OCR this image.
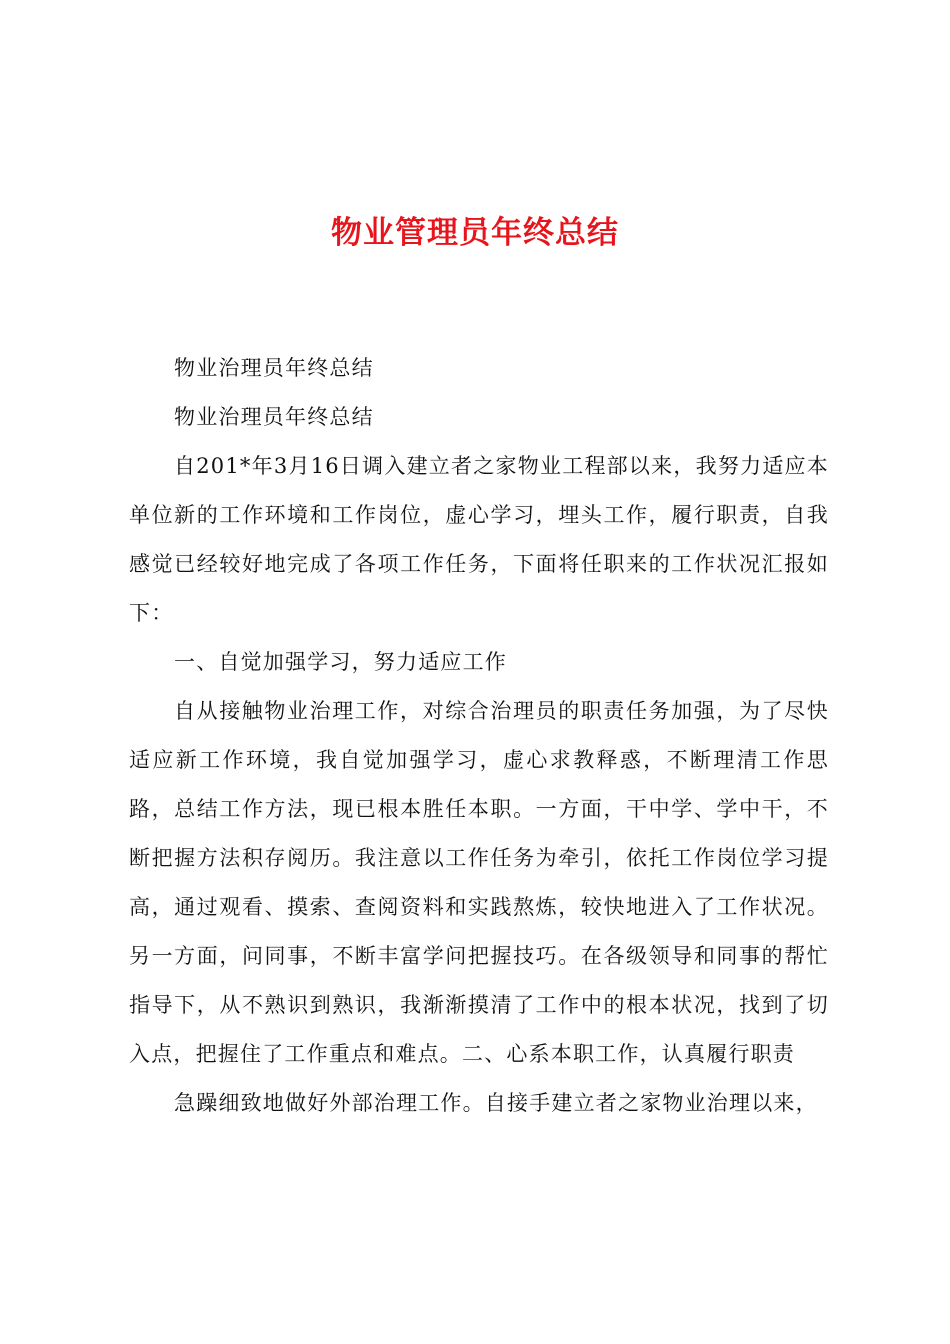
物业管理员年终总结

物业治理员年终总结

物业治理员年终总结

自201*年3月16日调入建立者之家物业工程部以来，我努力适应本单位新的工作环境和工作岗位，虚心学习，埋头工作，履行职责，自我感觉已经较好地完成了各项工作任务，下面将任职来的工作状况汇报如下：

一、自觉加强学习，努力适应工作

自从接触物业治理工作，对综合治理员的职责任务加强，为了尽快适应新工作环境，我自觉加强学习，虚心求教释惑，不断理清工作思路，总结工作方法，现已根本胜任本职。一方面，干中学、学中干，不断把握方法积存阅历。我注意以工作任务为牵引，依托工作岗位学习提高，通过观看、摸索、查阅资料和实践熬炼，较快地进入了工作状况。另一方面，问同事，不断丰富学问把握技巧。在各级领导和同事的帮忙指导下，从不熟识到熟识，我渐渐摸清了工作中的根本状况，找到了切入点，把握住了工作重点和难点。二、心系本职工作，认真履行职责

急躁细致地做好外部治理工作。自接手建立者之家物业治理以来，
